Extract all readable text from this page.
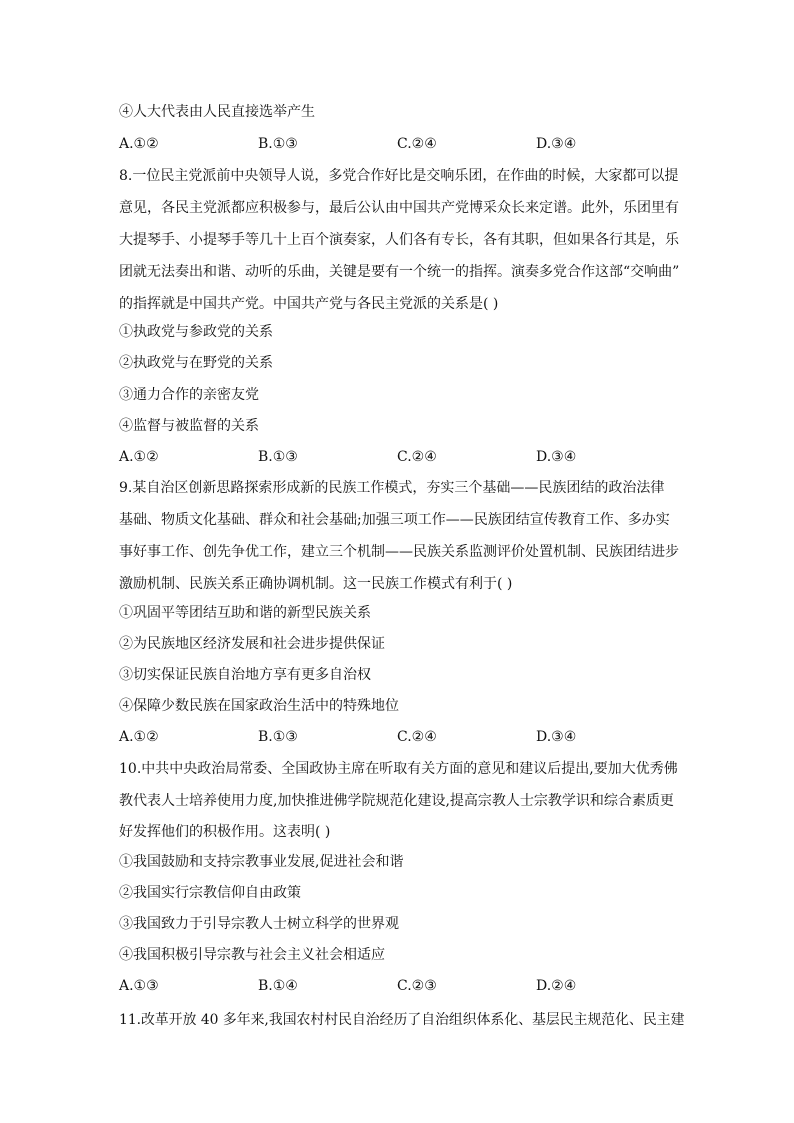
④人大代表由人民直接选举产生
A.①②	B.①③	C.②④	D.③④
8.一位民主党派前中央领导人说，多党合作好比是交响乐团，在作曲的时候，大家都可以提
意见，各民主党派都应积极参与，最后公认由中国共产党博采众长来定谱。此外，乐团里有
大提琴手、小提琴手等几十上百个演奏家，人们各有专长，各有其职，但如果各行其是，乐
团就无法奏出和谐、动听的乐曲，关键是要有一个统一的指挥。演奏多党合作这部“交响曲”
的指挥就是中国共产党。中国共产党与各民主党派的关系是( )
①执政党与参政党的关系
②执政党与在野党的关系
③通力合作的亲密友党
④监督与被监督的关系
A.①②	B.①③	C.②④	D.③④
9.某自治区创新思路探索形成新的民族工作模式，夯实三个基础——民族团结的政治法律
基础、物质文化基础、群众和社会基础;加强三项工作——民族团结宣传教育工作、多办实
事好事工作、创先争优工作，建立三个机制——民族关系监测评价处置机制、民族团结进步
激励机制、民族关系正确协调机制。这一民族工作模式有利于( )
①巩固平等团结互助和谐的新型民族关系
②为民族地区经济发展和社会进步提供保证
③切实保证民族自治地方享有更多自治权
④保障少数民族在国家政治生活中的特殊地位
A.①②	B.①③	C.②④	D.③④
10.中共中央政治局常委、全国政协主席在听取有关方面的意见和建议后提出,要加大优秀佛
教代表人士培养使用力度,加快推进佛学院规范化建设,提高宗教人士宗教学识和综合素质更
好发挥他们的积极作用。这表明( )
①我国鼓励和支持宗教事业发展,促进社会和谐
②我国实行宗教信仰自由政策
③我国致力于引导宗教人士树立科学的世界观
④我国积极引导宗教与社会主义社会相适应
A.①③	B.①④	C.②③	D.②④
11.改革开放 40 多年来,我国农村村民自治经历了自治组织体系化、基层民主规范化、民主建
